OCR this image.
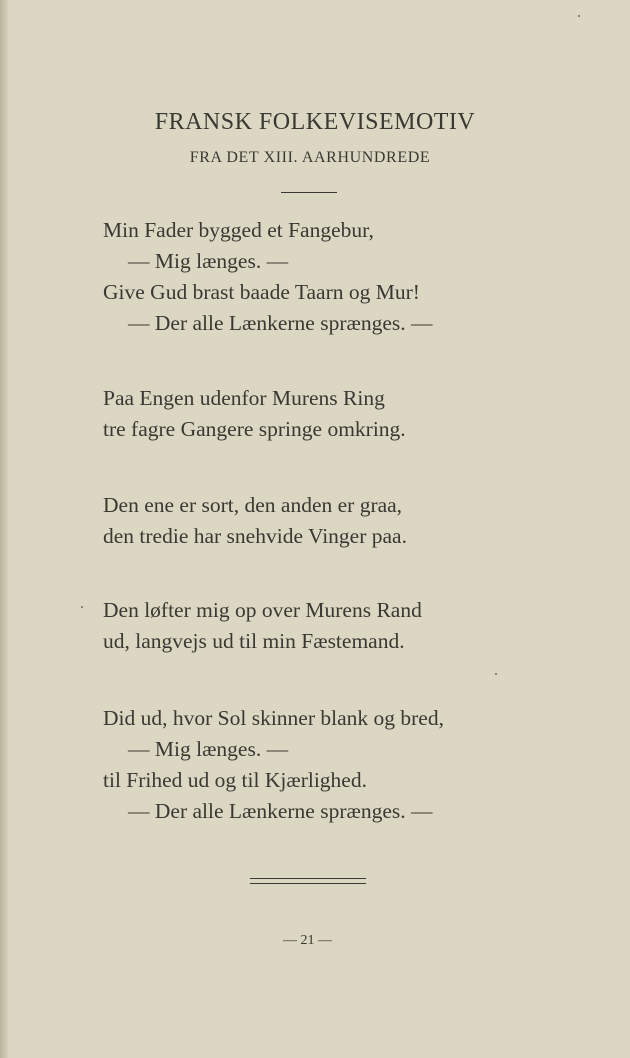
FRANSK FOLKEVISEMOTIV
FRA DET XIII. AARHUNDREDE
Min Fader bygged et Fangebur,
— Mig længes. —
Give Gud brast baade Taarn og Mur!
— Der alle Lænkerne sprænges. —
Paa Engen udenfor Murens Ring
tre fagre Gangere springe omkring.
Den ene er sort, den anden er graa,
den tredie har snehvide Vinger paa.
Den løfter mig op over Murens Rand
ud, langvejs ud til min Fæstemand.
Did ud, hvor Sol skinner blank og bred,
— Mig længes. —
til Frihed ud og til Kjærlighed.
— Der alle Lænkerne sprænges. —
— 21 —
